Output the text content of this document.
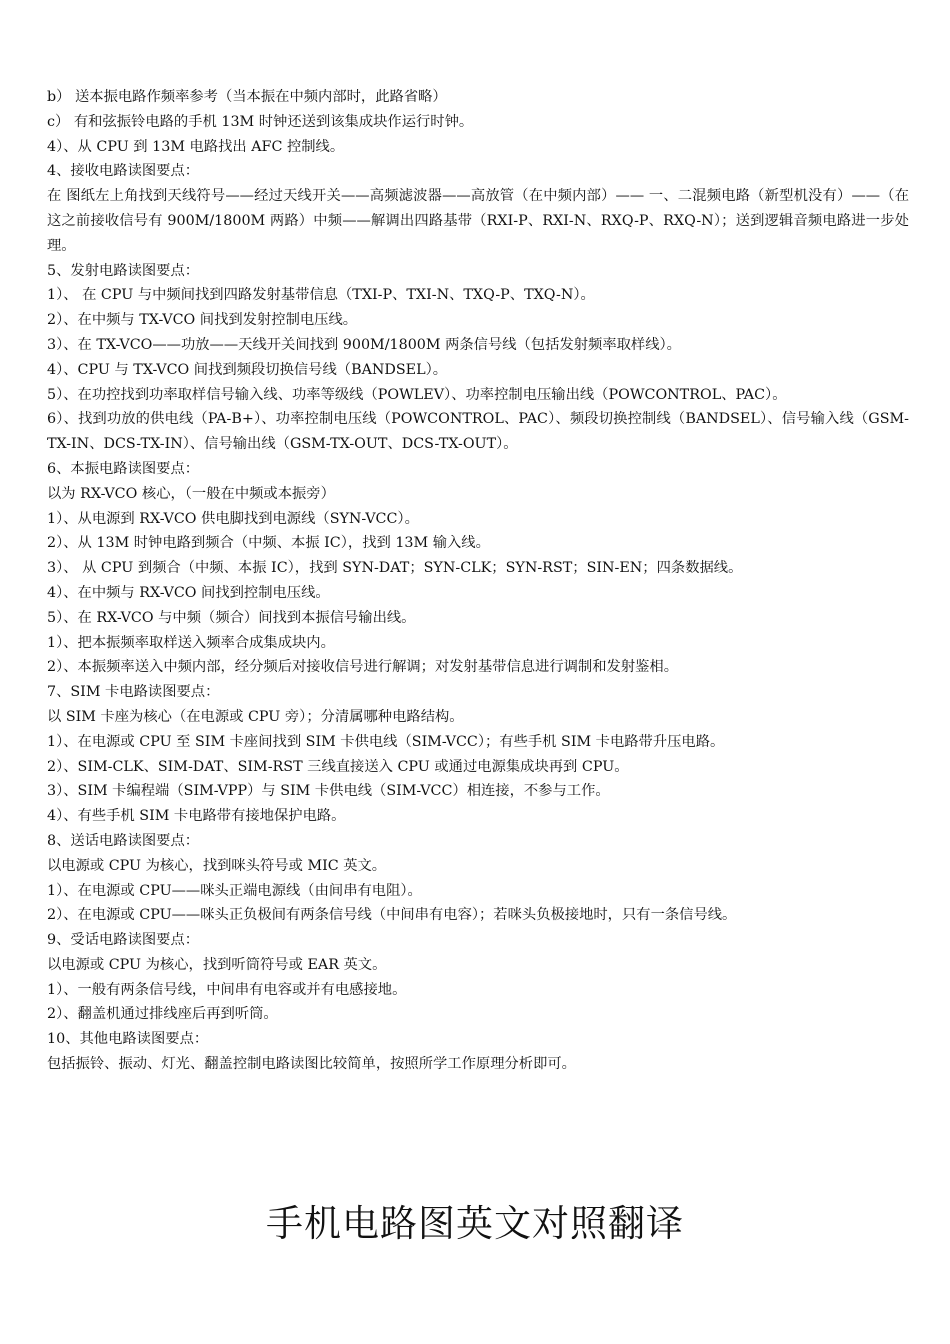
b） 送本振电路作频率参考（当本振在中频内部时，此路省略）

c） 有和弦振铃电路的手机 13M 时钟还送到该集成块作运行时钟。

4）、从 CPU 到 13M 电路找出 AFC 控制线。

4、接收电路读图要点：

在 图纸左上角找到天线符号——经过天线开关——高频滤波器——高放管（在中频内部）—— 一、二混频电路（新型机没有）——（在这之前接收信号有 900M/1800M 两路）中频——解调出四路基带（RXI-P、RXI-N、RXQ-P、RXQ-N）；送到逻辑音频电路进一步处理。

5、发射电路读图要点：

1）、 在 CPU 与中频间找到四路发射基带信息（TXI-P、TXI-N、TXQ-P、TXQ-N）。

2）、在中频与 TX-VCO 间找到发射控制电压线。

3）、在 TX-VCO——功放——天线开关间找到 900M/1800M 两条信号线（包括发射频率取样线）。

4）、CPU 与 TX-VCO 间找到频段切换信号线（BANDSEL）。

5）、在功控找到功率取样信号输入线、功率等级线（POWLEV）、功率控制电压输出线（POWCONTROL、PAC）。

6）、找到功放的供电线（PA-B+）、功率控制电压线（POWCONTROL、PAC）、频段切换控制线（BANDSEL）、信号输入线（GSM-TX-IN、DCS-TX-IN）、信号输出线（GSM-TX-OUT、DCS-TX-OUT）。

6、本振电路读图要点：

以为 RX-VCO 核心，（一般在中频或本振旁）

1）、从电源到 RX-VCO 供电脚找到电源线（SYN-VCC）。

2）、从 13M 时钟电路到频合（中频、本振 IC），找到 13M 输入线。

3）、 从 CPU 到频合（中频、本振 IC），找到 SYN-DAT；SYN-CLK；SYN-RST；SIN-EN；四条数据线。

4）、在中频与 RX-VCO 间找到控制电压线。

5）、在 RX-VCO 与中频（频合）间找到本振信号输出线。

1）、把本振频率取样送入频率合成集成块内。

2）、本振频率送入中频内部，经分频后对接收信号进行解调；对发射基带信息进行调制和发射鉴相。

7、SIM 卡电路读图要点：

以 SIM 卡座为核心（在电源或 CPU 旁）；分清属哪种电路结构。

1）、在电源或 CPU 至 SIM 卡座间找到 SIM 卡供电线（SIM-VCC）；有些手机 SIM 卡电路带升压电路。

2）、SIM-CLK、SIM-DAT、SIM-RST 三线直接送入 CPU 或通过电源集成块再到 CPU。

3）、SIM 卡编程端（SIM-VPP）与 SIM 卡供电线（SIM-VCC）相连接，不参与工作。

4）、有些手机 SIM 卡电路带有接地保护电路。

8、送话电路读图要点：

以电源或 CPU 为核心，找到咪头符号或 MIC 英文。

1）、在电源或 CPU——咪头正端电源线（由间串有电阻）。

2）、在电源或 CPU——咪头正负极间有两条信号线（中间串有电容）；若咪头负极接地时，只有一条信号线。

9、受话电路读图要点：

以电源或 CPU 为核心，找到听筒符号或 EAR 英文。

1）、一般有两条信号线，中间串有电容或并有电感接地。

2）、翻盖机通过排线座后再到听筒。

10、其他电路读图要点：

包括振铃、振动、灯光、翻盖控制电路读图比较简单，按照所学工作原理分析即可。

手机电路图英文对照翻译
